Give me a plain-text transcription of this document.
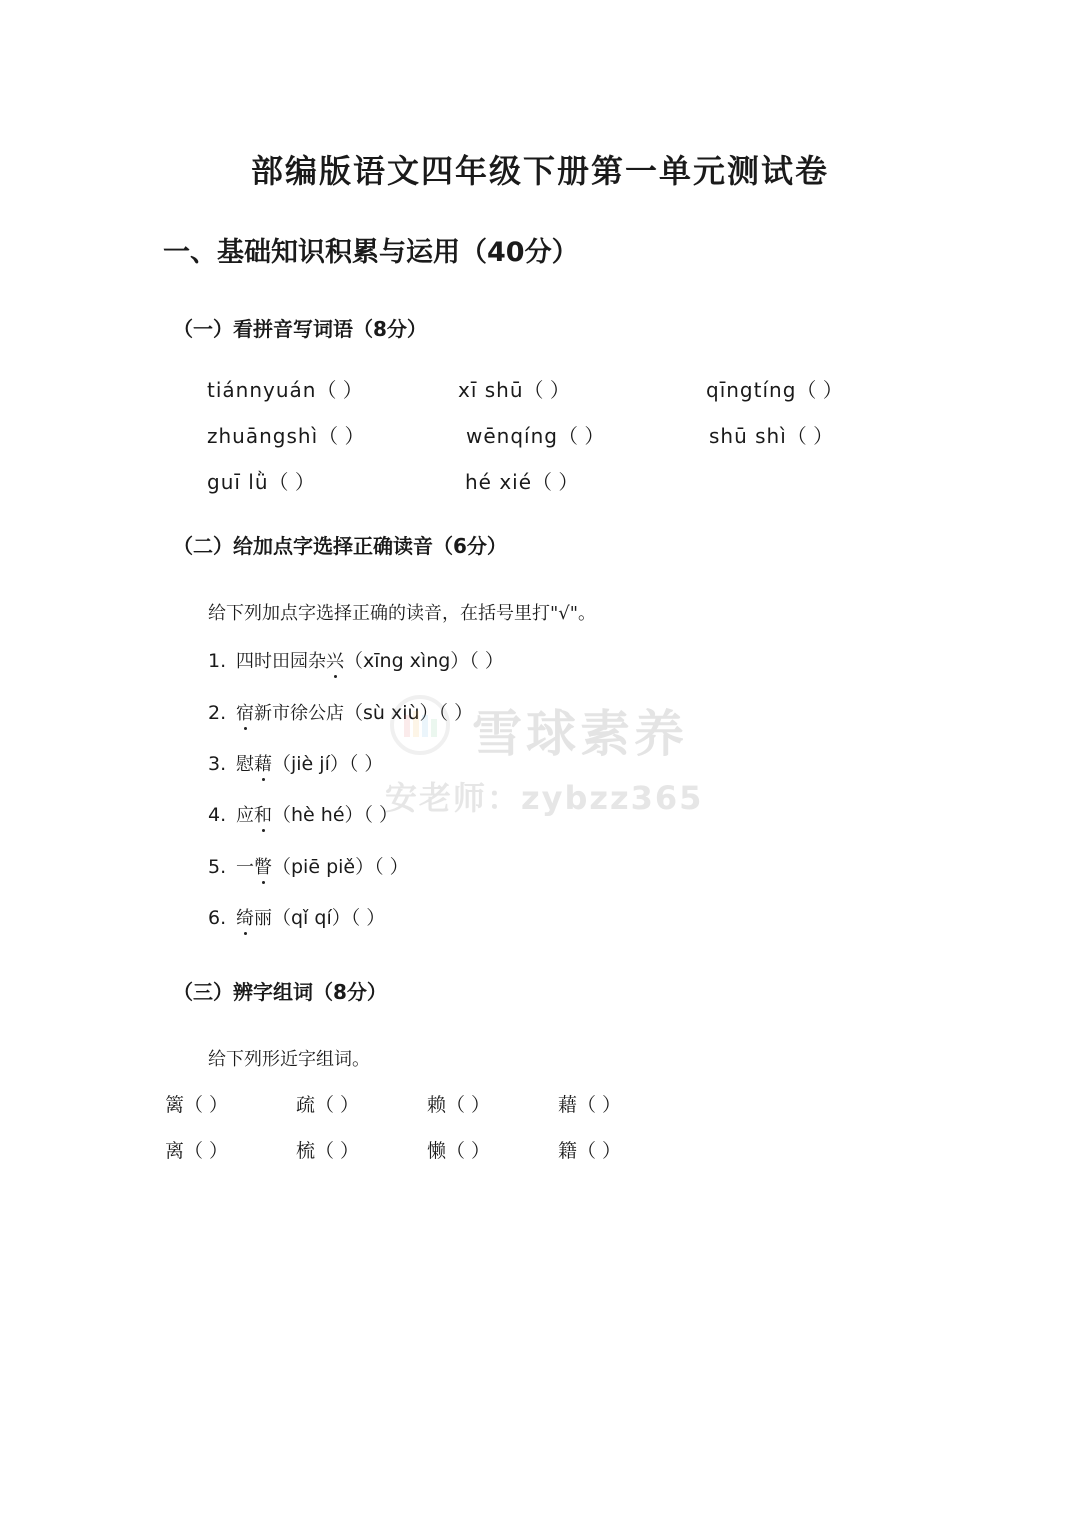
部编版语文四年级下册第一单元测试卷
一、基础知识积累与运用（40分）
（一）看拼音写词语（8分）
tiánnyuán（ ）	xī shū（ ）	qīngtíng（ ）
zhuāngshì（ ）	wēnqíng（ ）	shū shì（ ）
guī lǜ（ ）	hé xié（ ）
（二）给加点字选择正确读音（6分）
给下列加点字选择正确的读音，在括号里打"√"。
1. 四时田园杂兴（xīng xìng）（ ）
2. 宿新市徐公店（sù xiù）（ ）
3. 慰藉（jiè jí）（ ）
4. 应和（hè hé）（ ）
5. 一瞥（piē piě）（ ）
6. 绮丽（qǐ qí）（ ）
（三）辨字组词（8分）
给下列形近字组词。
篱（ ）	疏（ ）	赖（ ）	藉（ ）
离（ ）	梳（ ）	懒（ ）	籍（ ）
雪球素养
安老师：zybzz365
